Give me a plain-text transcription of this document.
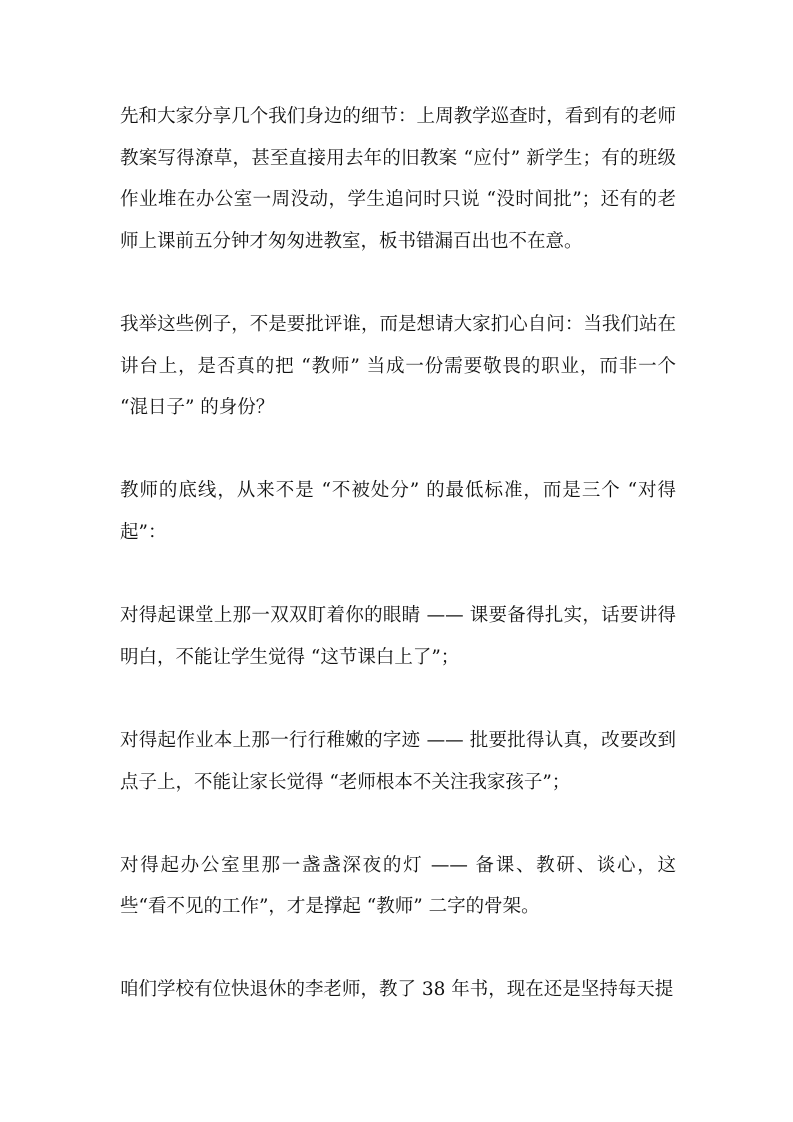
先和大家分享几个我们身边的细节：上周教学巡查时，看到有的老师教案写得潦草，甚至直接用去年的旧教案 “应付” 新学生；有的班级作业堆在办公室一周没动，学生追问时只说 “没时间批”；还有的老师上课前五分钟才匆匆进教室，板书错漏百出也不在意。

我举这些例子，不是要批评谁，而是想请大家扪心自问：当我们站在讲台上，是否真的把 “教师” 当成一份需要敬畏的职业，而非一个 “混日子” 的身份？

教师的底线，从来不是 “不被处分” 的最低标准，而是三个 “对得起”：

对得起课堂上那一双双盯着你的眼睛 —— 课要备得扎实，话要讲得明白，不能让学生觉得 “这节课白上了”；

对得起作业本上那一行行稚嫩的字迹 —— 批要批得认真，改要改到点子上，不能让家长觉得 “老师根本不关注我家孩子”；

对得起办公室里那一盏盏深夜的灯 —— 备课、教研、谈心，这些“看不见的工作”，才是撑起 “教师” 二字的骨架。

咱们学校有位快退休的李老师，教了 38 年书，现在还是坚持每天提
